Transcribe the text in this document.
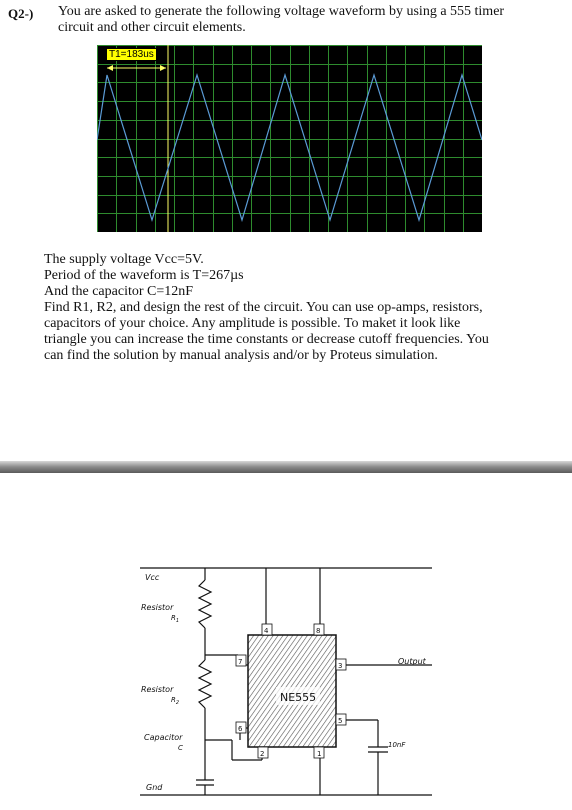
Q2-) You are asked to generate the following voltage waveform by using a 555 timer circuit and other circuit elements.
T1=183us
The supply voltage Vcc=5V.
Period of the waveform is T=267µs
And the capacitor C=12nF
Find R1, R2, and design the rest of the circuit. You can use op-amps, resistors,
capacitors of your choice. Any amplitude is possible. To maket it look like
triangle you can increase the time constants or decrease cutoff frequencies. You
can find the solution by manual analysis and/or by Proteus simulation.
4	8
7	3
6
5
2	1
Vcc
Resistor
$R_1$
Resistor
$R_2$
Capacitor
C
Gnd
Output
10nF
NE555
